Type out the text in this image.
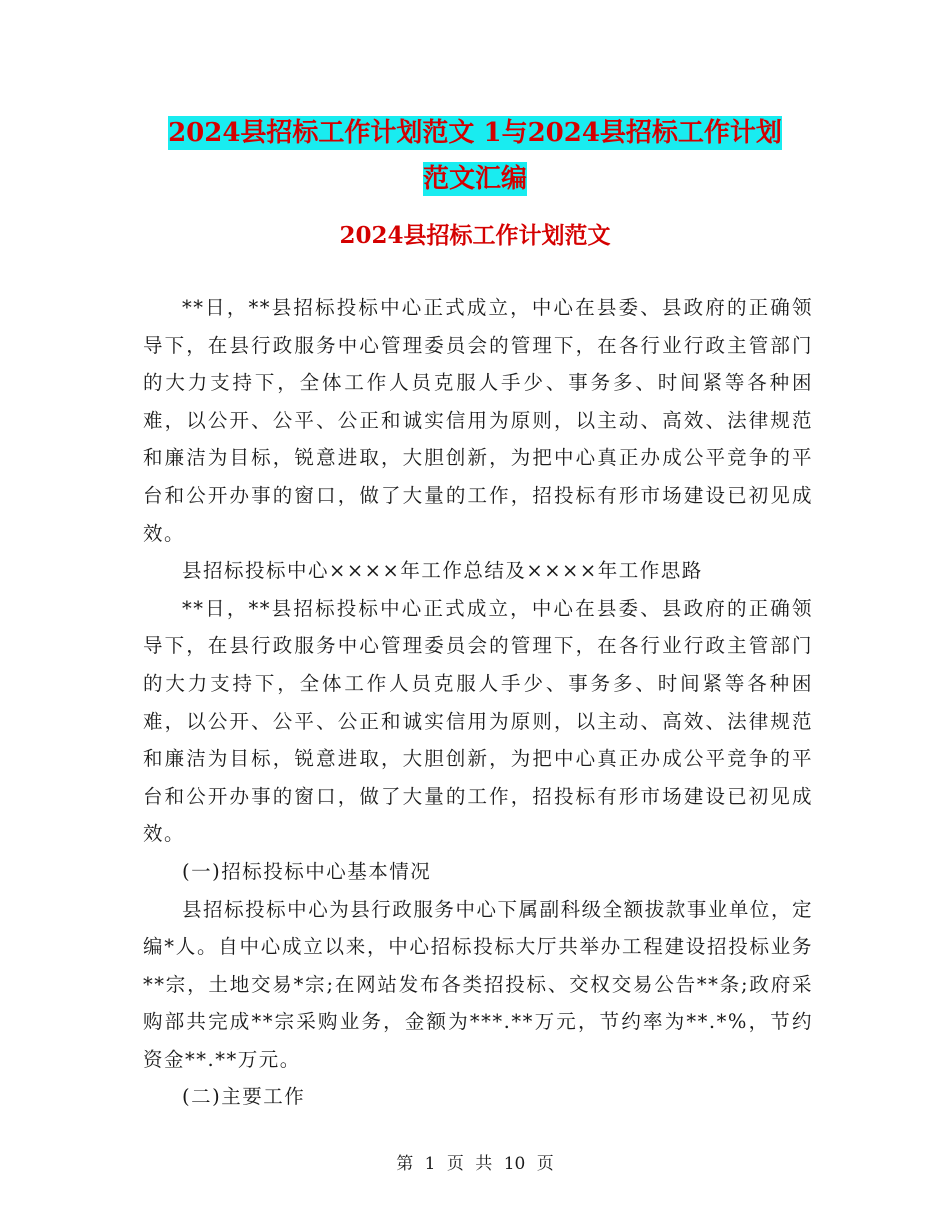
2024县招标工作计划范文 1与2024县招标工作计划
范文汇编
2024县招标工作计划范文

**日，**县招标投标中心正式成立，中心在县委、县政府的正确领导下，在县行政服务中心管理委员会的管理下，在各行业行政主管部门的大力支持下，全体工作人员克服人手少、事务多、时间紧等各种困难，以公开、公平、公正和诚实信用为原则，以主动、高效、法律规范和廉洁为目标，锐意进取，大胆创新，为把中心真正办成公平竞争的平台和公开办事的窗口，做了大量的工作，招投标有形市场建设已初见成效。

县招标投标中心××××年工作总结及××××年工作思路

**日，**县招标投标中心正式成立，中心在县委、县政府的正确领导下，在县行政服务中心管理委员会的管理下，在各行业行政主管部门的大力支持下，全体工作人员克服人手少、事务多、时间紧等各种困难，以公开、公平、公正和诚实信用为原则，以主动、高效、法律规范和廉洁为目标，锐意进取，大胆创新，为把中心真正办成公平竞争的平台和公开办事的窗口，做了大量的工作，招投标有形市场建设已初见成效。

(一)招标投标中心基本情况

县招标投标中心为县行政服务中心下属副科级全额拔款事业单位，定编*人。自中心成立以来，中心招标投标大厅共举办工程建设招投标业务**宗，土地交易*宗;在网站发布各类招投标、交权交易公告**条;政府采购部共完成**宗采购业务，金额为***.**万元，节约率为**.*%，节约资金**.**万元。

(二)主要工作

第 1 页 共 10 页
